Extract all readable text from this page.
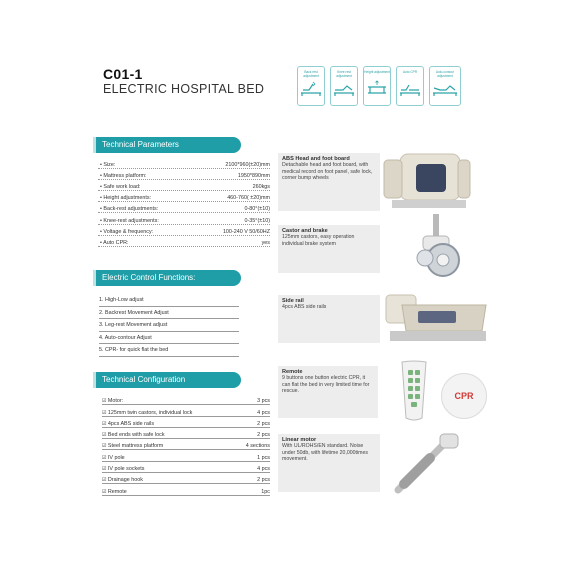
C01-1
ELECTRIC HOSPITAL BED
Back rest adjustment
Knee rest adjustment
Height adjustment	Auto CPR	Auto-contour adjustment
Technical Parameters
• Size:	2100*960(±20)mm
• Mattress platform:	1950*890mm
• Safe work load:	260kgs
• Height adjustments:	460-760( ±20)mm
• Back-rest adjustments:	0-80°(±10)
• Knee-rest adjustments:	0-35°(±10)
• Voltage & frequency:	100-240 V 50/60HZ
• Auto CPR:	yes
Electric Control Functions:
1. High-Low adjust
2. Backrest Movement Adjust
3. Leg-rest Movement adjust
4. Auto-contour Adjust
5. CPR- for quick flat the bed
Technical Configuration
☑ Motor:	3 pcs
☑ 125mm twin castors, individual lock	4 pcs
☑ 4pcs ABS side rails	2 pcs
☑ Bed ends with safe lock	2 pcs
☑ Steel mattress platform	4 sections
☑ IV pole	1 pcs
☑ IV pole sockets	4 pcs
☑ Drainage hook	2 pcs
☑ Remote	1pc
ABS Head and foot board
Detachable head and foot board, with medical record on foot panel, safe lock, corner bump wheels
Castor and brake
125mm castors, easy operation individual brake system
Side rail
4pcs ABS side rails
Remote
9 buttons one button electric CPR, it can flat the bed in very limited time for rescue.
Linear motor
With UL/ROHS/EN standard. Noise under 50db, with lifetime 20,000times movement.
CPR
